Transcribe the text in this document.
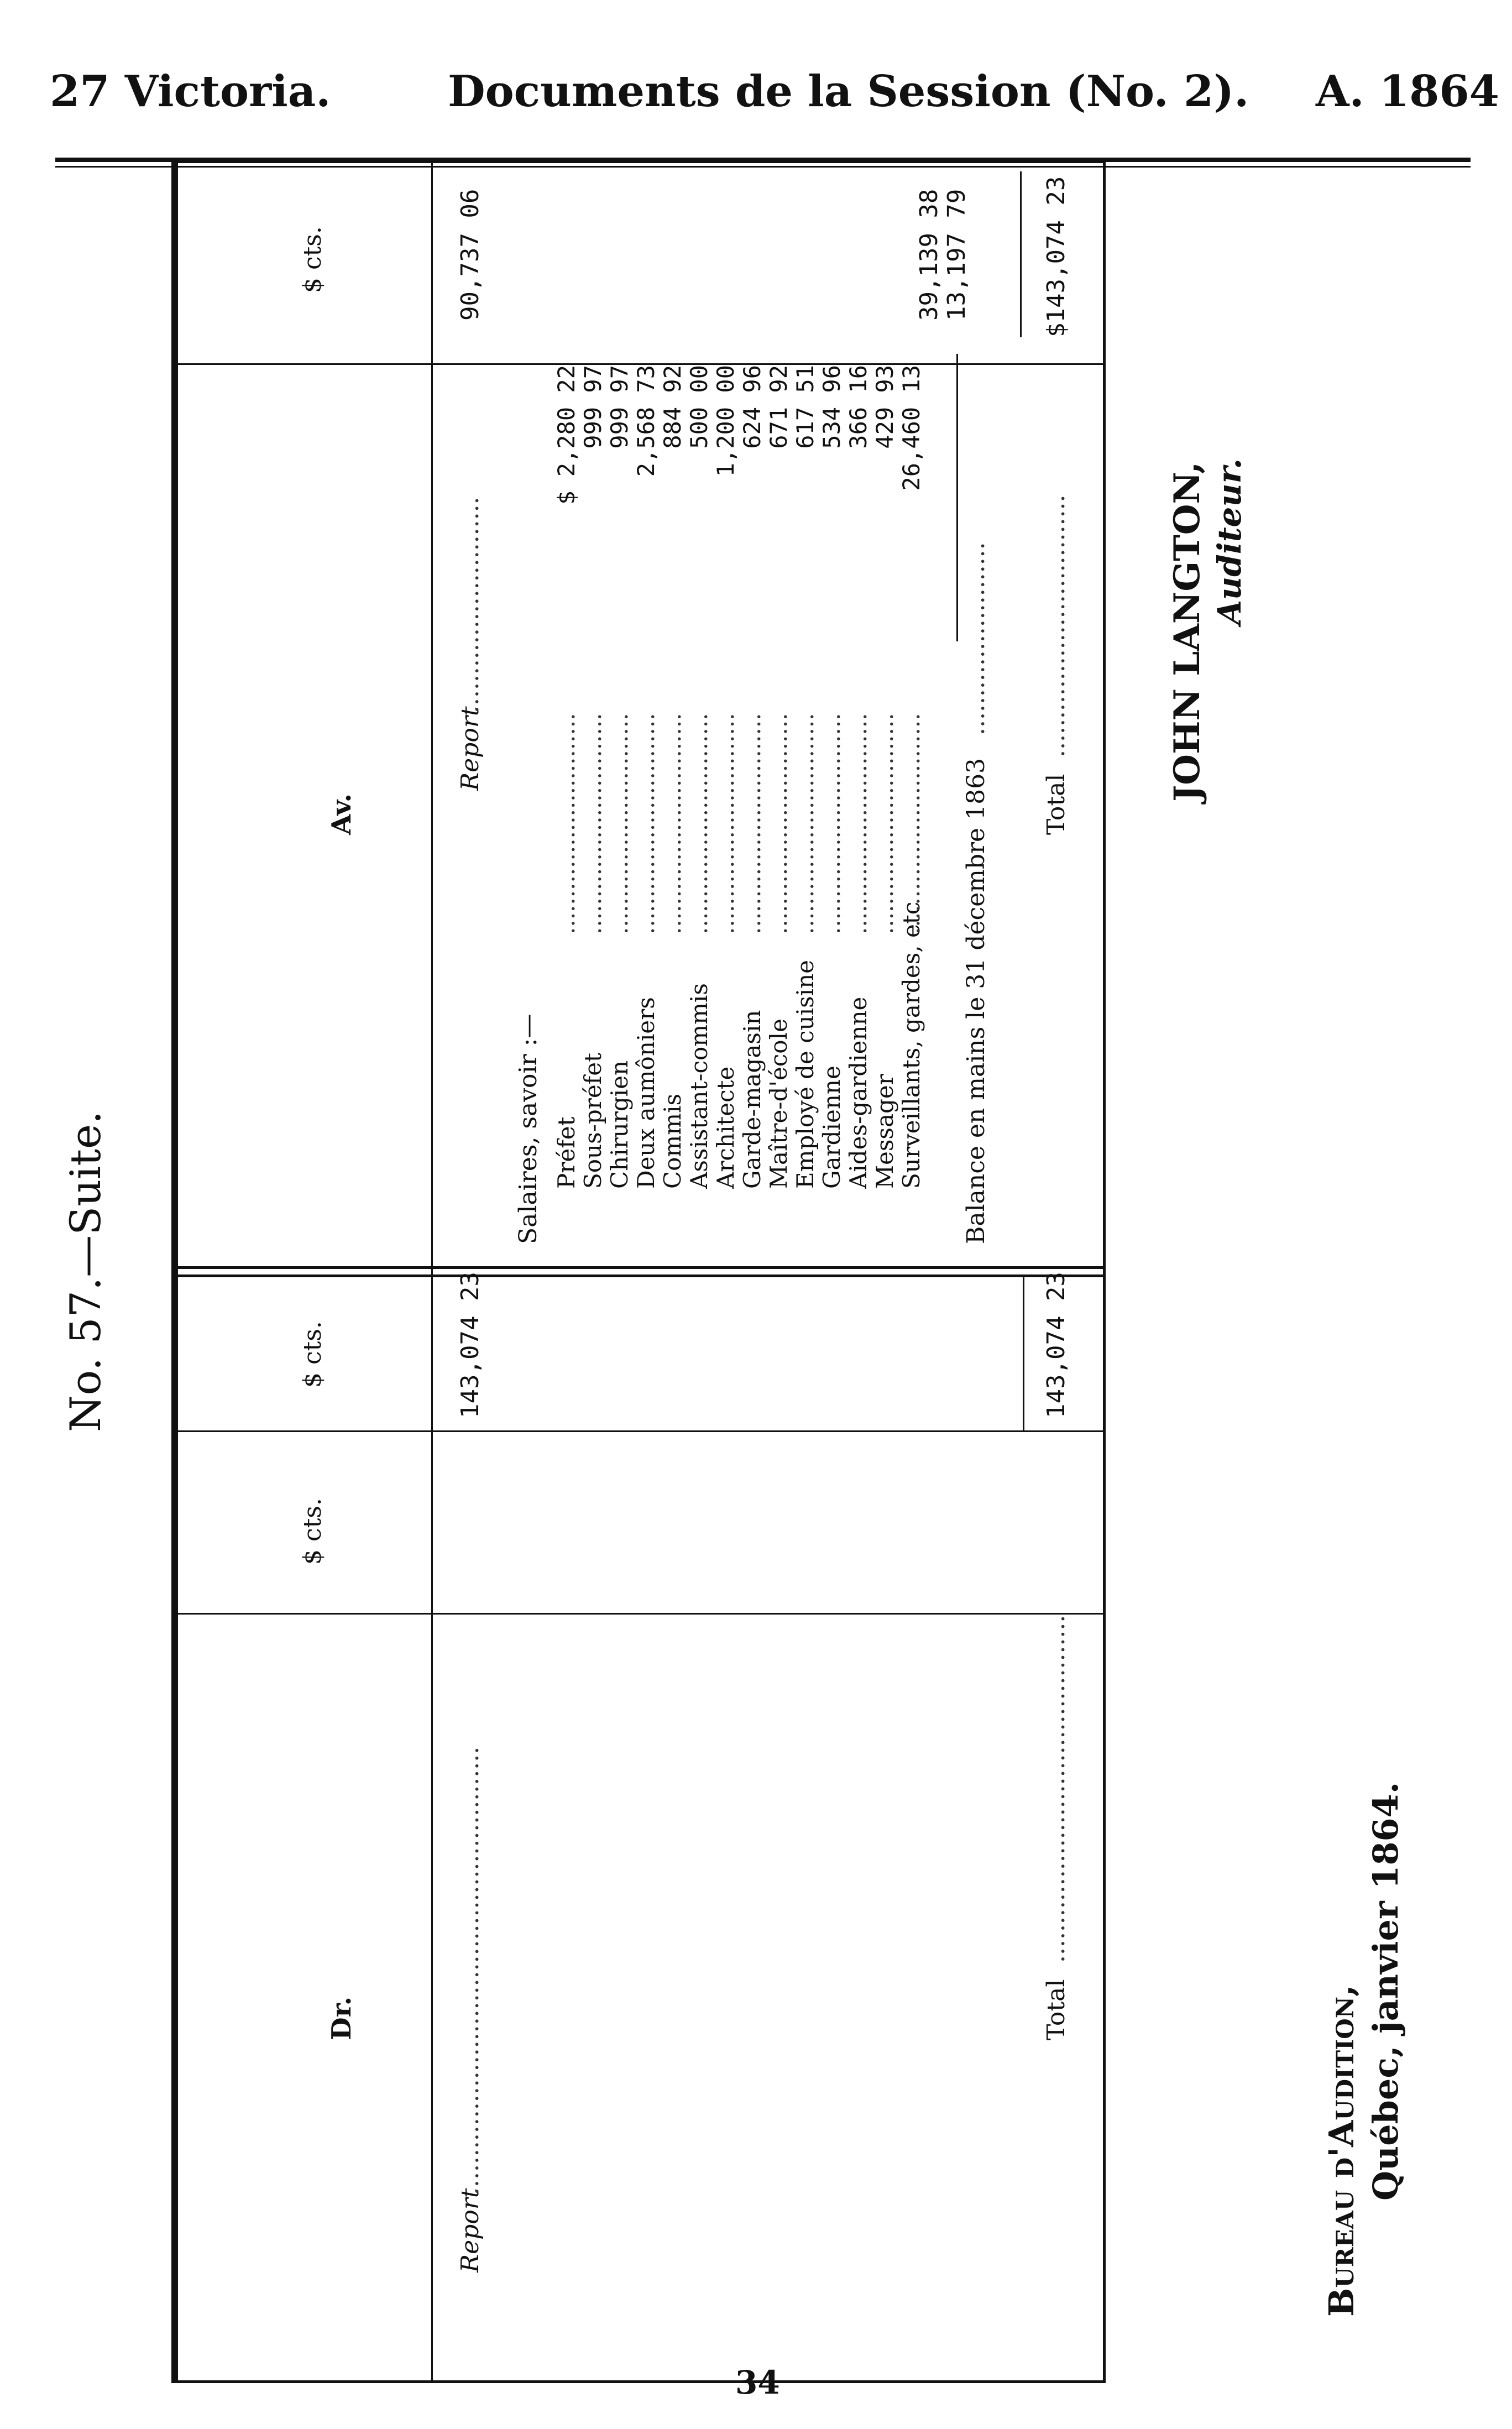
27 Victoria.	Documents de la Session (No. 2). A. 1864
No. 57.—Suite.
Dr.
$ cts.
$ cts.
Report
..........................................................
143,074 23
Total
.............................................
143,074 23
Av.
$ cts.
Report
............................
90,737 06
Salaires, savoir :— Préfet
..............................
$ 2,280 22
Sous-préfet
..............................
999 97
Chirurgien
..............................
999 97
Deux aumôniers
..............................
2,568 73
Commis
..............................
884 92
Assistant-commis
..............................
500 00
Architecte
..............................
1,200 00
Garde-magasin
..............................
624 96
Maître-d'école
..............................
671 92
Employé de cuisine
..............................
617 51
Gardienne
..............................
534 96
Aides-gardienne
..............................
366 16
Messager
..............................
429 93
Surveillants, gardes, etc
..............................
26,460 13
39,139 38
Balance en mains le 31 décembre 1863
.........................
13,197 79
Total
..................................
$143,074 23
JOHN LANGTON, Auditeur.
Bureau d'Audition, Québec, janvier 1864.
34
